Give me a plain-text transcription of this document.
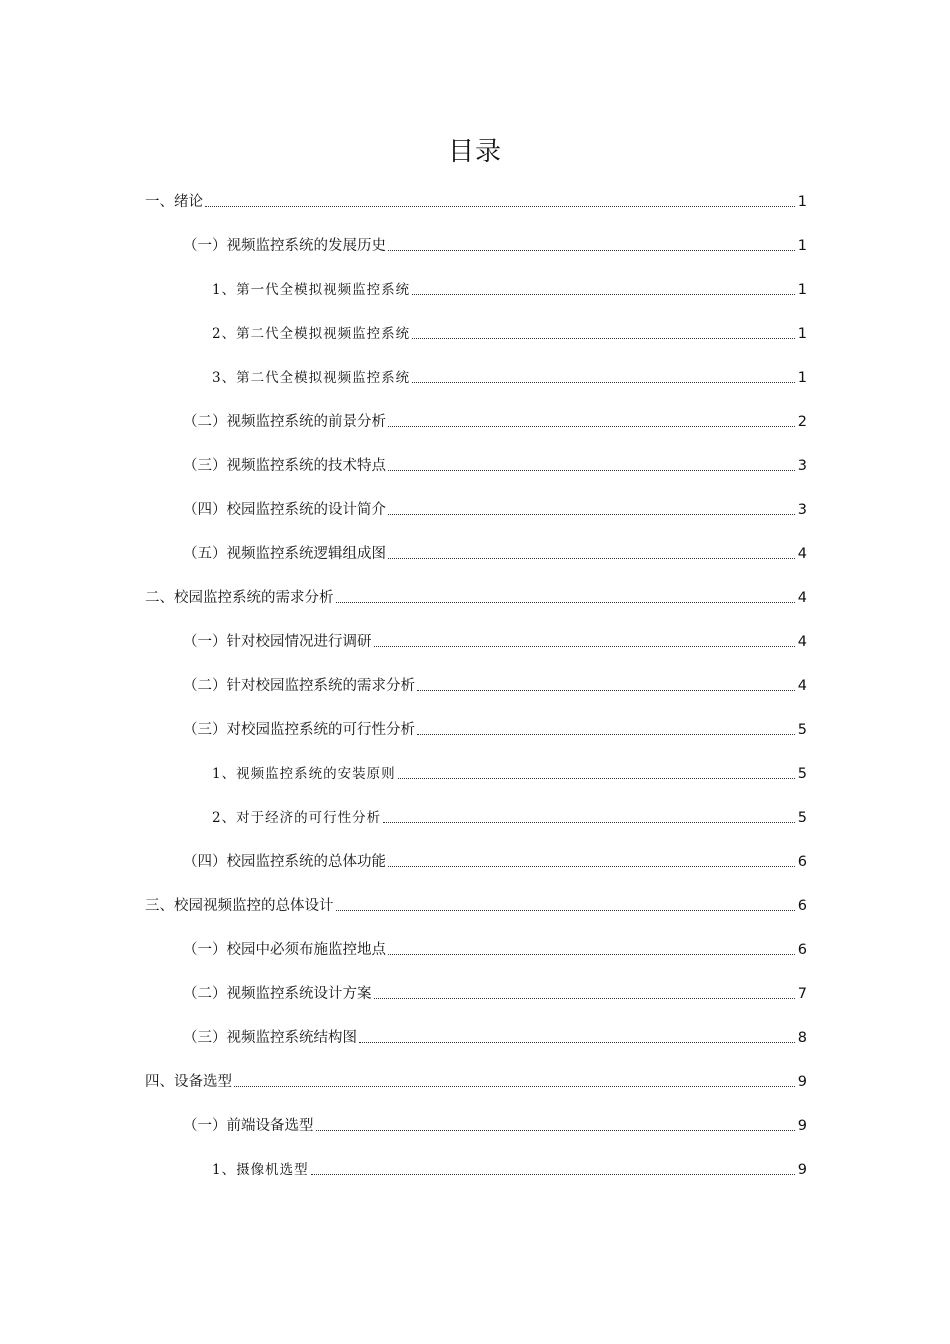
目录
一、绪论	1
（一）视频监控系统的发展历史	1
1、第一代全模拟视频监控系统	1
2、第二代全模拟视频监控系统	1
3、第二代全模拟视频监控系统	1
（二）视频监控系统的前景分析	2
（三）视频监控系统的技术特点	3
（四）校园监控系统的设计简介	3
（五）视频监控系统逻辑组成图	4
二、校园监控系统的需求分析	4
（一）针对校园情况进行调研	4
（二）针对校园监控系统的需求分析	4
（三）对校园监控系统的可行性分析	5
1、视频监控系统的安装原则	5
2、对于经济的可行性分析	5
（四）校园监控系统的总体功能	6
三、校园视频监控的总体设计	6
（一）校园中必须布施监控地点	6
（二）视频监控系统设计方案	7
（三）视频监控系统结构图	8
四、设备选型	9
（一）前端设备选型	9
1、摄像机选型	9
